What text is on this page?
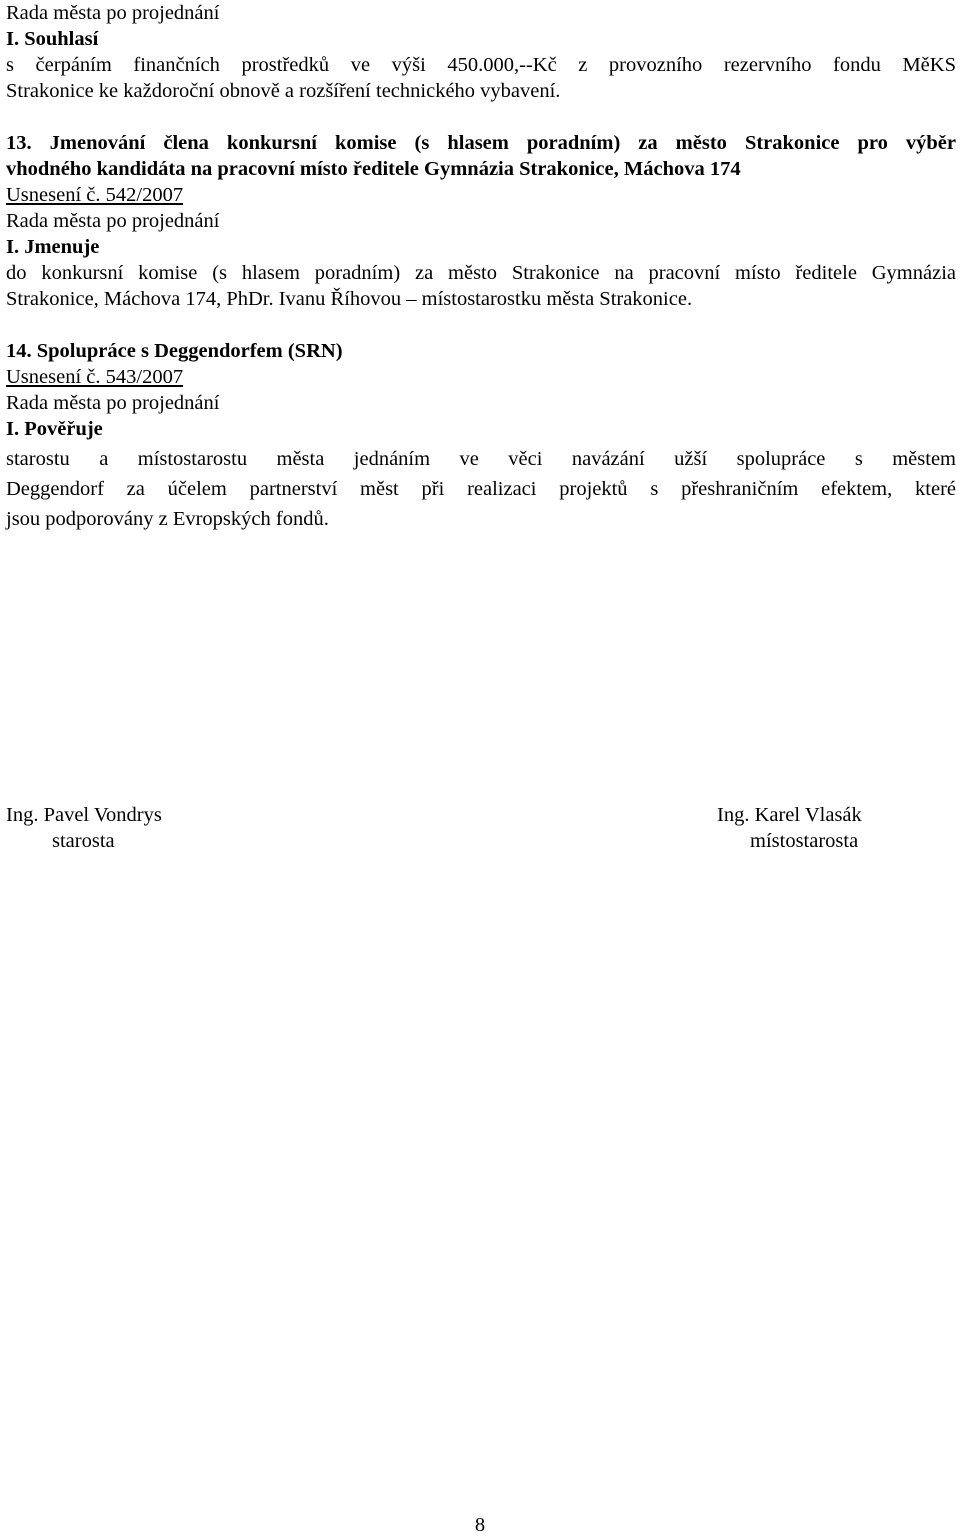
Rada města po projednání
I. Souhlasí
s čerpáním finančních prostředků ve výši 450.000,--Kč z provozního rezervního fondu MěKS
Strakonice ke každoroční obnově a rozšíření technického vybavení.
13. Jmenování člena konkursní komise (s hlasem poradním) za město Strakonice pro výběr
vhodného kandidáta na pracovní místo ředitele Gymnázia Strakonice, Máchova 174
Usnesení č. 542/2007
Rada města po projednání
I. Jmenuje
do konkursní komise (s hlasem poradním) za město Strakonice na pracovní místo ředitele Gymnázia
Strakonice, Máchova 174, PhDr. Ivanu Říhovou – místostarostku města Strakonice.
14. Spolupráce s Deggendorfem (SRN)
Usnesení č. 543/2007
Rada města po projednání
I. Pověřuje
starostu a místostarostu města jednáním ve věci navázání užší spolupráce s městem
Deggendorf za účelem partnerství měst při realizaci projektů s přeshraničním efektem, které
jsou podporovány z Evropských fondů.
Ing. Pavel Vondrys
starosta
Ing. Karel Vlasák
místostarosta
8
